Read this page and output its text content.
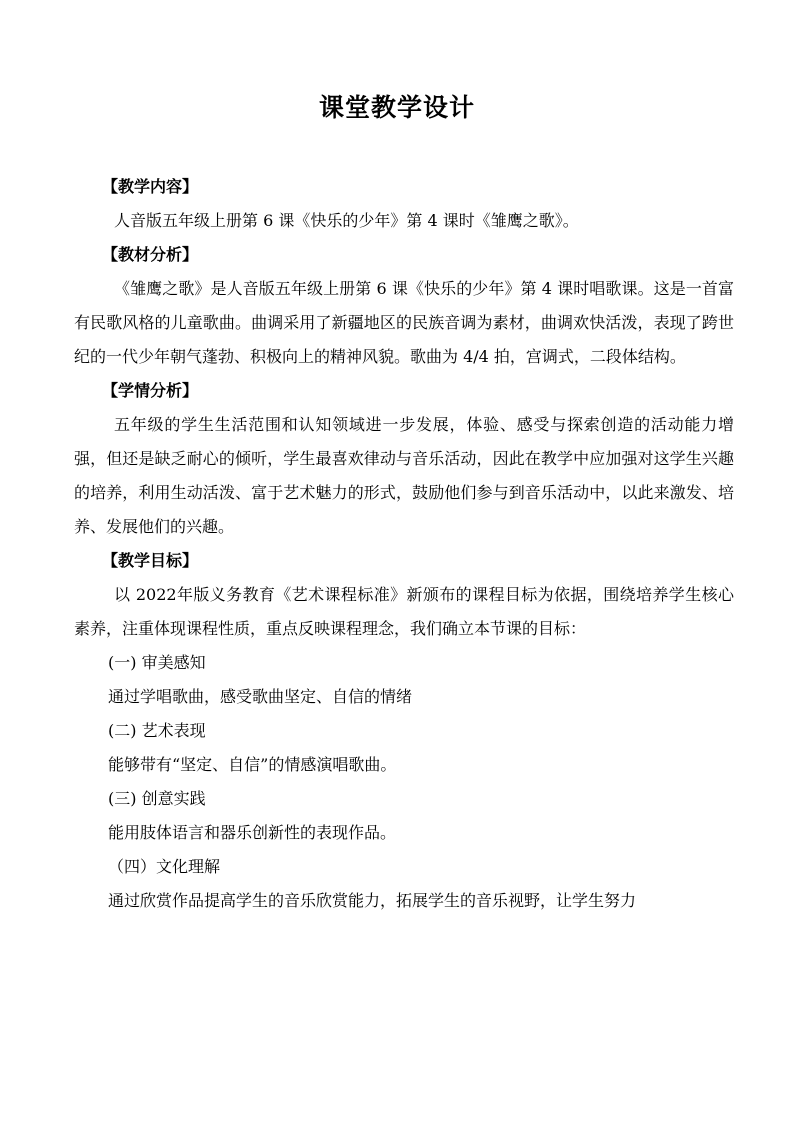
课堂教学设计
【教学内容】
人音版五年级上册第 6 课《快乐的少年》第 4 课时《雏鹰之歌》。
【教材分析】
《雏鹰之歌》是人音版五年级上册第 6 课《快乐的少年》第 4 课时唱歌课。这是一首富有民歌风格的儿童歌曲。曲调采用了新疆地区的民族音调为素材，曲调欢快活泼，表现了跨世纪的一代少年朝气蓬勃、积极向上的精神风貌。歌曲为 4/4 拍，宫调式，二段体结构。
【学情分析】
五年级的学生生活范围和认知领域进一步发展，体验、感受与探索创造的活动能力增强，但还是缺乏耐心的倾听，学生最喜欢律动与音乐活动，因此在教学中应加强对这学生兴趣的培养，利用生动活泼、富于艺术魅力的形式，鼓励他们参与到音乐活动中，以此来激发、培养、发展他们的兴趣。
【教学目标】
以 2022年版义务教育《艺术课程标准》新颁布的课程目标为依据，围绕培养学生核心素养，注重体现课程性质，重点反映课程理念，我们确立本节课的目标：
(一) 审美感知
通过学唱歌曲，感受歌曲坚定、自信的情绪
(二) 艺术表现
能够带有“坚定、自信”的情感演唱歌曲。
(三) 创意实践
能用肢体语言和器乐创新性的表现作品。
（四）文化理解
通过欣赏作品提高学生的音乐欣赏能力，拓展学生的音乐视野，让学生努力
